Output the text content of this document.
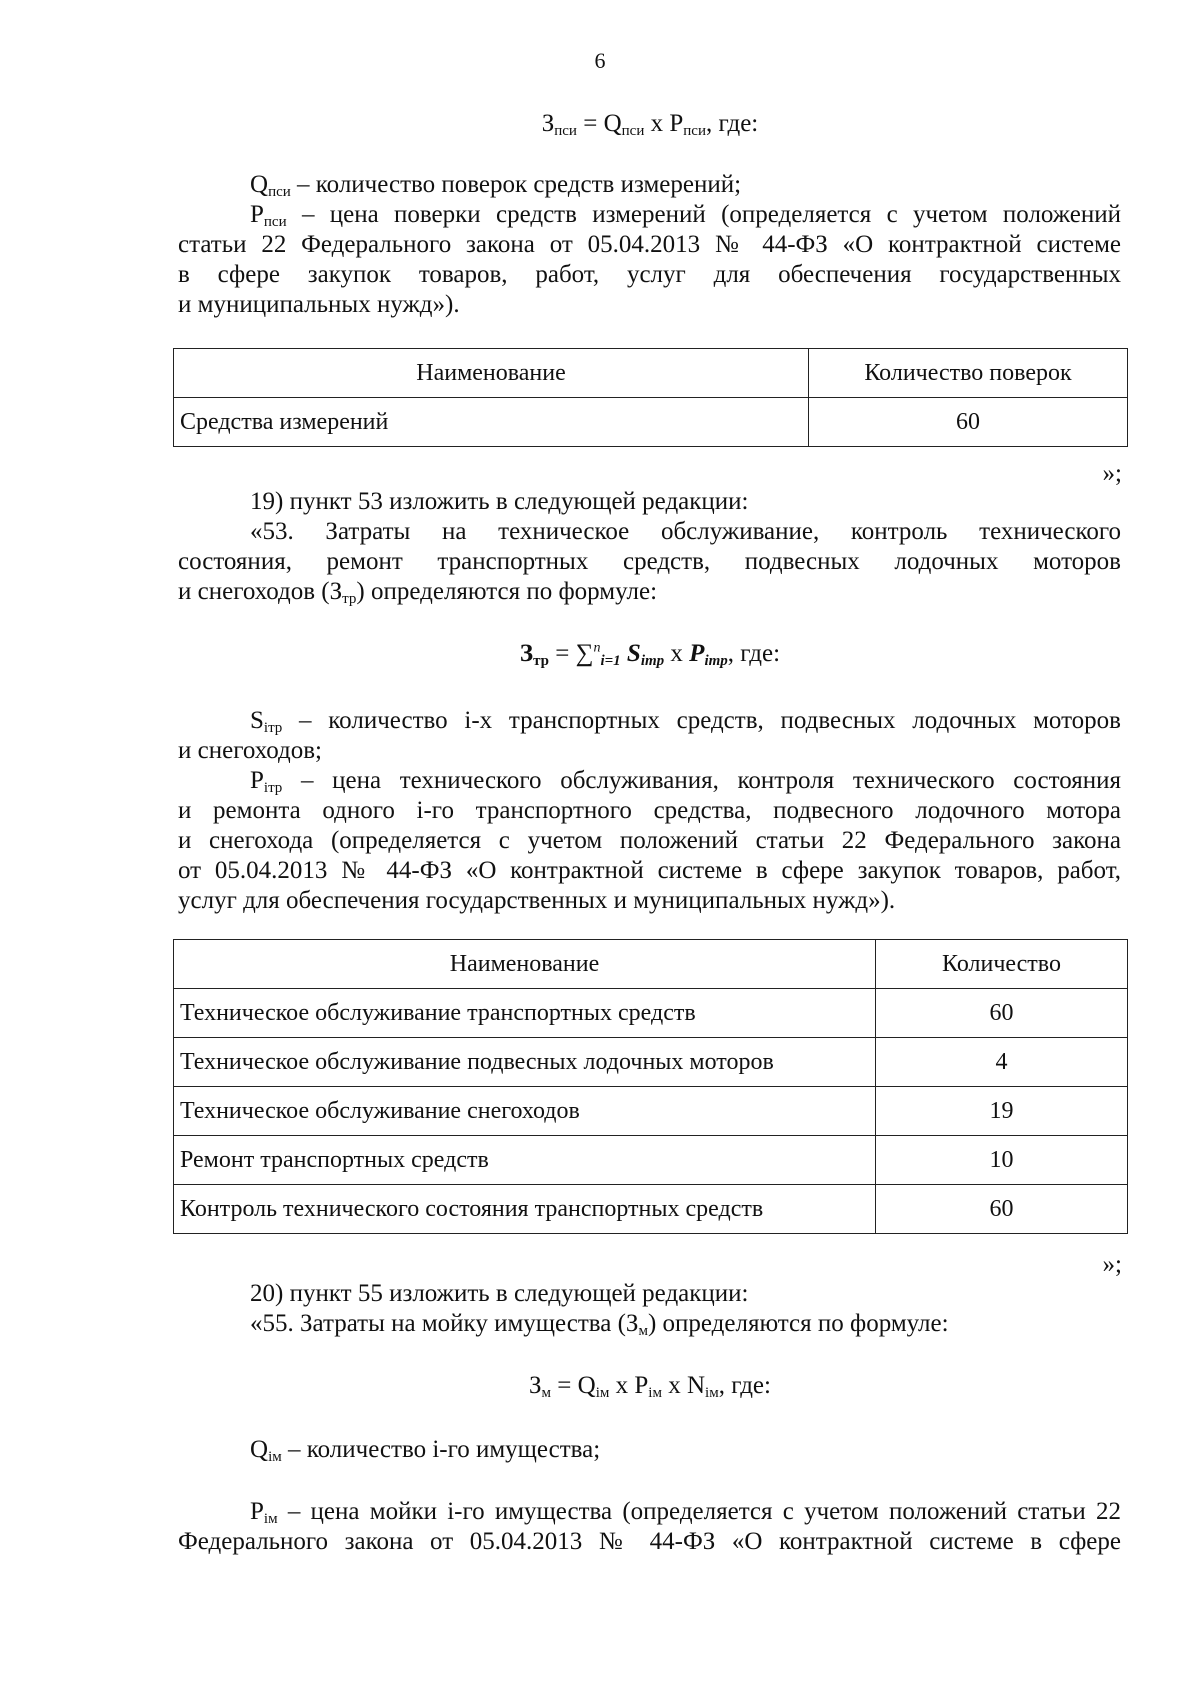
6
$З_{пси} = Q_{пси}$ х $P_{пси}$, где:
$Q_{пси}$ – количество поверок средств измерений;
$P_{пси}$ – цена поверки средств измерений (определяется с учетом положений
статьи 22 Федерального закона от 05.04.2013 № 44-ФЗ «О контрактной системе
в сфере закупок товаров, работ, услуг для обеспечения государственных
и муниципальных нужд»).
Наименование	Количество поверок
Средства измерений	60
»;
19) пункт 53 изложить в следующей редакции:
«53. Затраты на техническое обслуживание, контроль технического
состояния, ремонт транспортных средств, подвесных лодочных моторов
и снегоходов $(З_{тр})$ определяются по формуле:
$З_{тр} = \sum^n_{i=1}$ $S_{iтр}$ х $P_{iтр}$, где:
$S_{iтр}$ – количество i-х транспортных средств, подвесных лодочных моторов
и снегоходов;
$P_{iтр}$ – цена технического обслуживания, контроля технического состояния
и ремонта одного i-го транспортного средства, подвесного лодочного мотора
и снегохода (определяется с учетом положений статьи 22 Федерального закона
от 05.04.2013 № 44-ФЗ «О контрактной системе в сфере закупок товаров, работ,
услуг для обеспечения государственных и муниципальных нужд»).
Наименование	Количество
Техническое обслуживание транспортных средств	60
Техническое обслуживание подвесных лодочных моторов	4
Техническое обслуживание снегоходов	19
Ремонт транспортных средств	10
Контроль технического состояния транспортных средств	60
»;
20) пункт 55 изложить в следующей редакции:
«55. Затраты на мойку имущества $(З_м)$ определяются по формуле:
$З_м = Q_{iм}$ х $P_{iм}$ х $N_{iм}$, где:
$Q_{iм}$ – количество i-го имущества;
$P_{iм}$ – цена мойки i-го имущества (определяется с учетом положений статьи 22
Федерального закона от 05.04.2013 № 44-ФЗ «О контрактной системе в сфере
